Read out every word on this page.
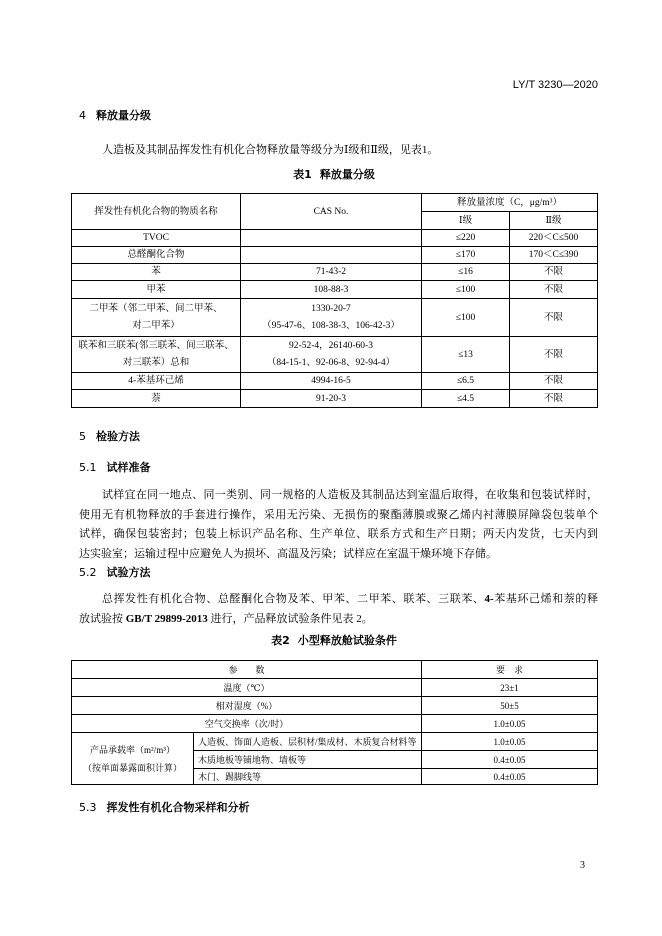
LY/T 3230—2020
4 释放量分级

人造板及其制品挥发性有机化合物释放量等级分为Ⅰ级和Ⅱ级，见表1。

表1 释放量分级
挥发性有机化合物的物质名称	CAS No.	释放量浓度（C，μg/m³）	
		Ⅰ级	Ⅱ级
TVOC		≤220	220＜C≤500
总醛酮化合物		≤170	170＜C≤390
苯	71-43-2	≤16	不限
甲苯	108-88-3	≤100	不限

二甲苯（邻二甲苯、间二甲苯、
对二甲苯）	1330-20-7
（95-47-6、108-38-3、106-42-3）	≤100	不限

联苯和三联苯(邻三联苯、间三联苯、
对三联苯）总和	92-52-4，26140-60-3
（84-15-1、92-06-8、92-94-4）	≤13	不限
4-苯基环己烯	4994-16-5	≤6.5	不限
萘	91-20-3	≤4.5	不限
5 检验方法
5.1 试样准备
试样宜在同一地点、同一类别、同一规格的人造板及其制品达到室温后取得，在收集和包装试样时，
使用无有机物释放的手套进行操作，采用无污染、无损伤的聚酯薄膜或聚乙烯内衬薄膜屏障袋包装单个
试样，确保包装密封；包装上标识产品名称、生产单位、联系方式和生产日期；两天内发货，七天内到
达实验室；运输过程中应避免人为损坏、高温及污染；试样应在室温干燥环境下存储。
5.2 试验方法
总挥发性有机化合物、总醛酮化合物及苯、甲苯、二甲苯、联苯、三联苯、4-苯基环己烯和萘的释
放试验按 GB/T 29899-2013 进行，产品释放试验条件见表 2。
表2 小型释放舱试验条件
参　　数		要　求
温度（℃）		23±1
相对湿度（%）		50±5
空气交换率（次/时）		1.0±0.05

产品承载率（m²/m³）
（按单面暴露面积计算）	人造板、饰面人造板、层积材/集成材、木质复合材料等	1.0±0.05
	木质地板等铺地物、墙板等	0.4±0.05
	木门、踢脚线等	0.4±0.05
5.3 挥发性有机化合物采样和分析
3
